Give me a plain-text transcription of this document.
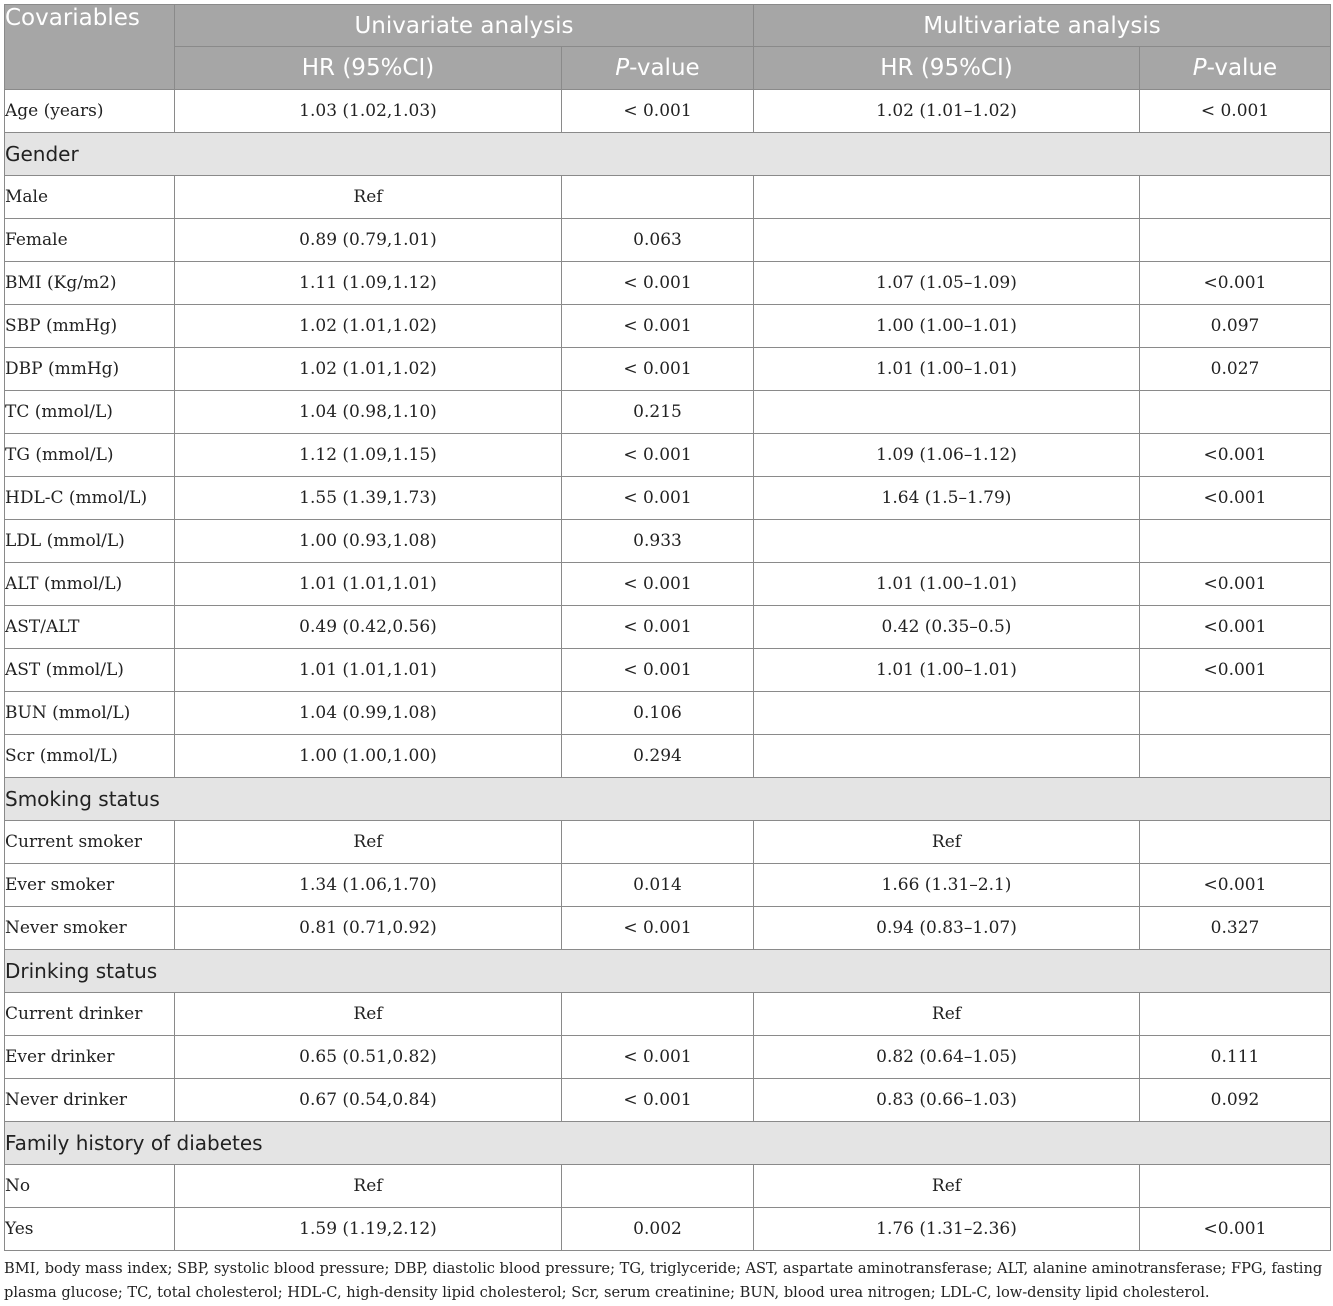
Covariables	Univariate analysis		Multivariate analysis	
	HR (95%CI)	P-value	HR (95%CI)	P-value
Age (years)	1.03 (1.02,1.03)	< 0.001	1.02 (1.01–1.02)	< 0.001
Gender				
Male	Ref			
Female	0.89 (0.79,1.01)	0.063		
BMI (Kg/m2)	1.11 (1.09,1.12)	< 0.001	1.07 (1.05–1.09)	<0.001
SBP (mmHg)	1.02 (1.01,1.02)	< 0.001	1.00 (1.00–1.01)	0.097
DBP (mmHg)	1.02 (1.01,1.02)	< 0.001	1.01 (1.00–1.01)	0.027
TC (mmol/L)	1.04 (0.98,1.10)	0.215		
TG (mmol/L)	1.12 (1.09,1.15)	< 0.001	1.09 (1.06–1.12)	<0.001
HDL-C (mmol/L)	1.55 (1.39,1.73)	< 0.001	1.64 (1.5–1.79)	<0.001
LDL (mmol/L)	1.00 (0.93,1.08)	0.933		
ALT (mmol/L)	1.01 (1.01,1.01)	< 0.001	1.01 (1.00–1.01)	<0.001
AST/ALT	0.49 (0.42,0.56)	< 0.001	0.42 (0.35–0.5)	<0.001
AST (mmol/L)	1.01 (1.01,1.01)	< 0.001	1.01 (1.00–1.01)	<0.001
BUN (mmol/L)	1.04 (0.99,1.08)	0.106		
Scr (mmol/L)	1.00 (1.00,1.00)	0.294		
Smoking status				
Current smoker	Ref		Ref	
Ever smoker	1.34 (1.06,1.70)	0.014	1.66 (1.31–2.1)	<0.001
Never smoker	0.81 (0.71,0.92)	< 0.001	0.94 (0.83–1.07)	0.327
Drinking status				
Current drinker	Ref		Ref	
Ever drinker	0.65 (0.51,0.82)	< 0.001	0.82 (0.64–1.05)	0.111
Never drinker	0.67 (0.54,0.84)	< 0.001	0.83 (0.66–1.03)	0.092
Family history of diabetes				
No	Ref		Ref	
Yes	1.59 (1.19,2.12)	0.002	1.76 (1.31–2.36)	<0.001
BMI, body mass index; SBP, systolic blood pressure; DBP, diastolic blood pressure; TG, triglyceride; AST, aspartate aminotransferase; ALT, alanine aminotransferase; FPG, fasting plasma glucose; TC, total cholesterol; HDL-C, high-density lipid cholesterol; Scr, serum creatinine; BUN, blood urea nitrogen; LDL-C, low-density lipid cholesterol.
